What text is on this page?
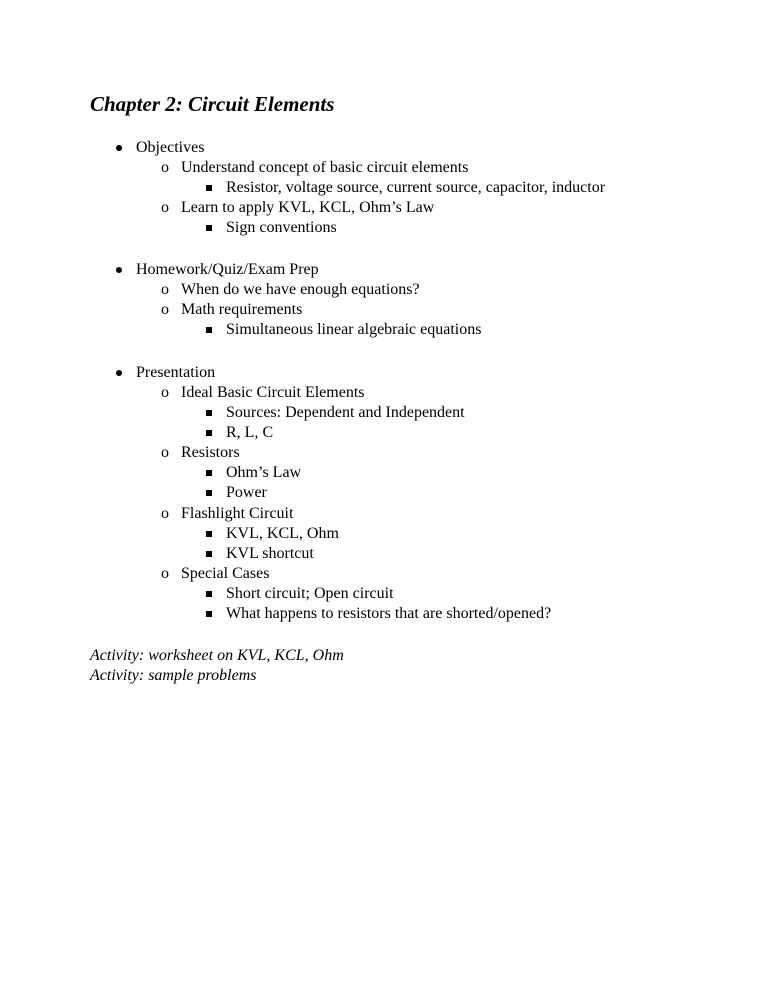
Chapter 2: Circuit Elements
Objectives
o Understand concept of basic circuit elements
Resistor, voltage source, current source, capacitor, inductor
o Learn to apply KVL, KCL, Ohm’s Law
Sign conventions
Homework/Quiz/Exam Prep
o When do we have enough equations?
o Math requirements
Simultaneous linear algebraic equations
Presentation
o Ideal Basic Circuit Elements
Sources: Dependent and Independent
R, L, C
o Resistors
Ohm’s Law
Power
o Flashlight Circuit
KVL, KCL, Ohm
KVL shortcut
o Special Cases
Short circuit; Open circuit
What happens to resistors that are shorted/opened?
Activity: worksheet on KVL, KCL, Ohm
Activity: sample problems
